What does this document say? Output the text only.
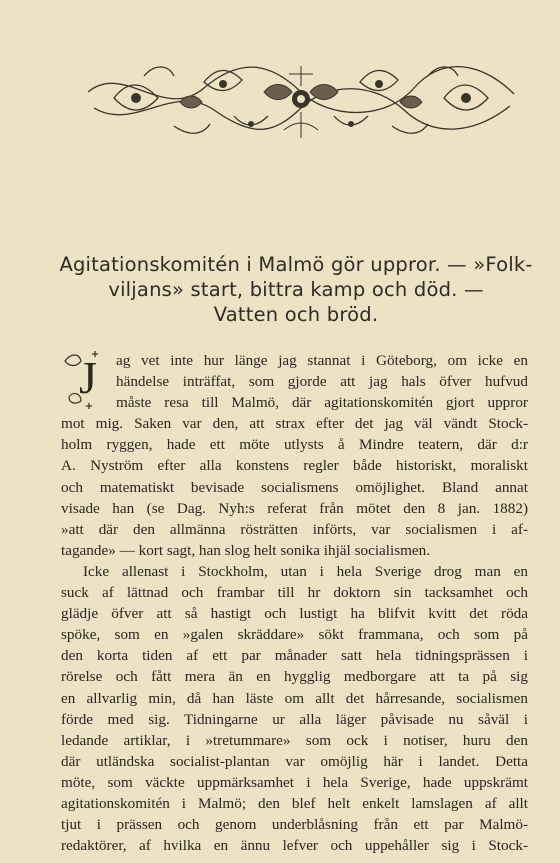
Agitationskomitén i Malmö gör uppror. — »Folk-
viljans» start, bittra kamp och död. —
Vatten och bröd.
J	ag vet inte hur länge jag stannat i Göteborg, om icke en
händelse inträffat, som gjorde att jag hals öfver hufvud
måste resa till Malmö, där agitationskomitén gjort uppror
mot mig. Saken var den, att strax efter det jag väl vändt Stock-
holm ryggen, hade ett möte utlysts å Mindre teatern, där d:r
A. Nyström efter alla konstens regler både historiskt, moraliskt
och matematiskt bevisade socialismens omöjlighet. Bland annat
visade han (se Dag. Nyh:s referat från mötet den 8 jan. 1882)
»att där den allmänna rösträtten införts, var socialismen i af-
tagande» — kort sagt, han slog helt sonika ihjäl socialismen.
Icke allenast i Stockholm, utan i hela Sverige drog man en
suck af lättnad och frambar till hr doktorn sin tacksamhet och
glädje öfver att så hastigt och lustigt ha blifvit kvitt det röda
spöke, som en »galen skräddare» sökt frammana, och som på
den korta tiden af ett par månader satt hela tidningsprässen i
rörelse och fått mera än en hygglig medborgare att ta på sig
en allvarlig min, då han läste om allt det hårresande, socialismen
förde med sig. Tidningarne ur alla läger påvisade nu såväl i
ledande artiklar, i »tretummare» som ock i notiser, huru den
där utländska socialist-plantan var omöjlig här i landet. Detta
möte, som väckte uppmärksamhet i hela Sverige, hade uppskrämt
agitationskomitén i Malmö; den blef helt enkelt lamslagen af allt
tjut i prässen och genom underblåsning från ett par Malmö-
redaktörer, af hvilka en ännu lefver och uppehåller sig i Stock-
